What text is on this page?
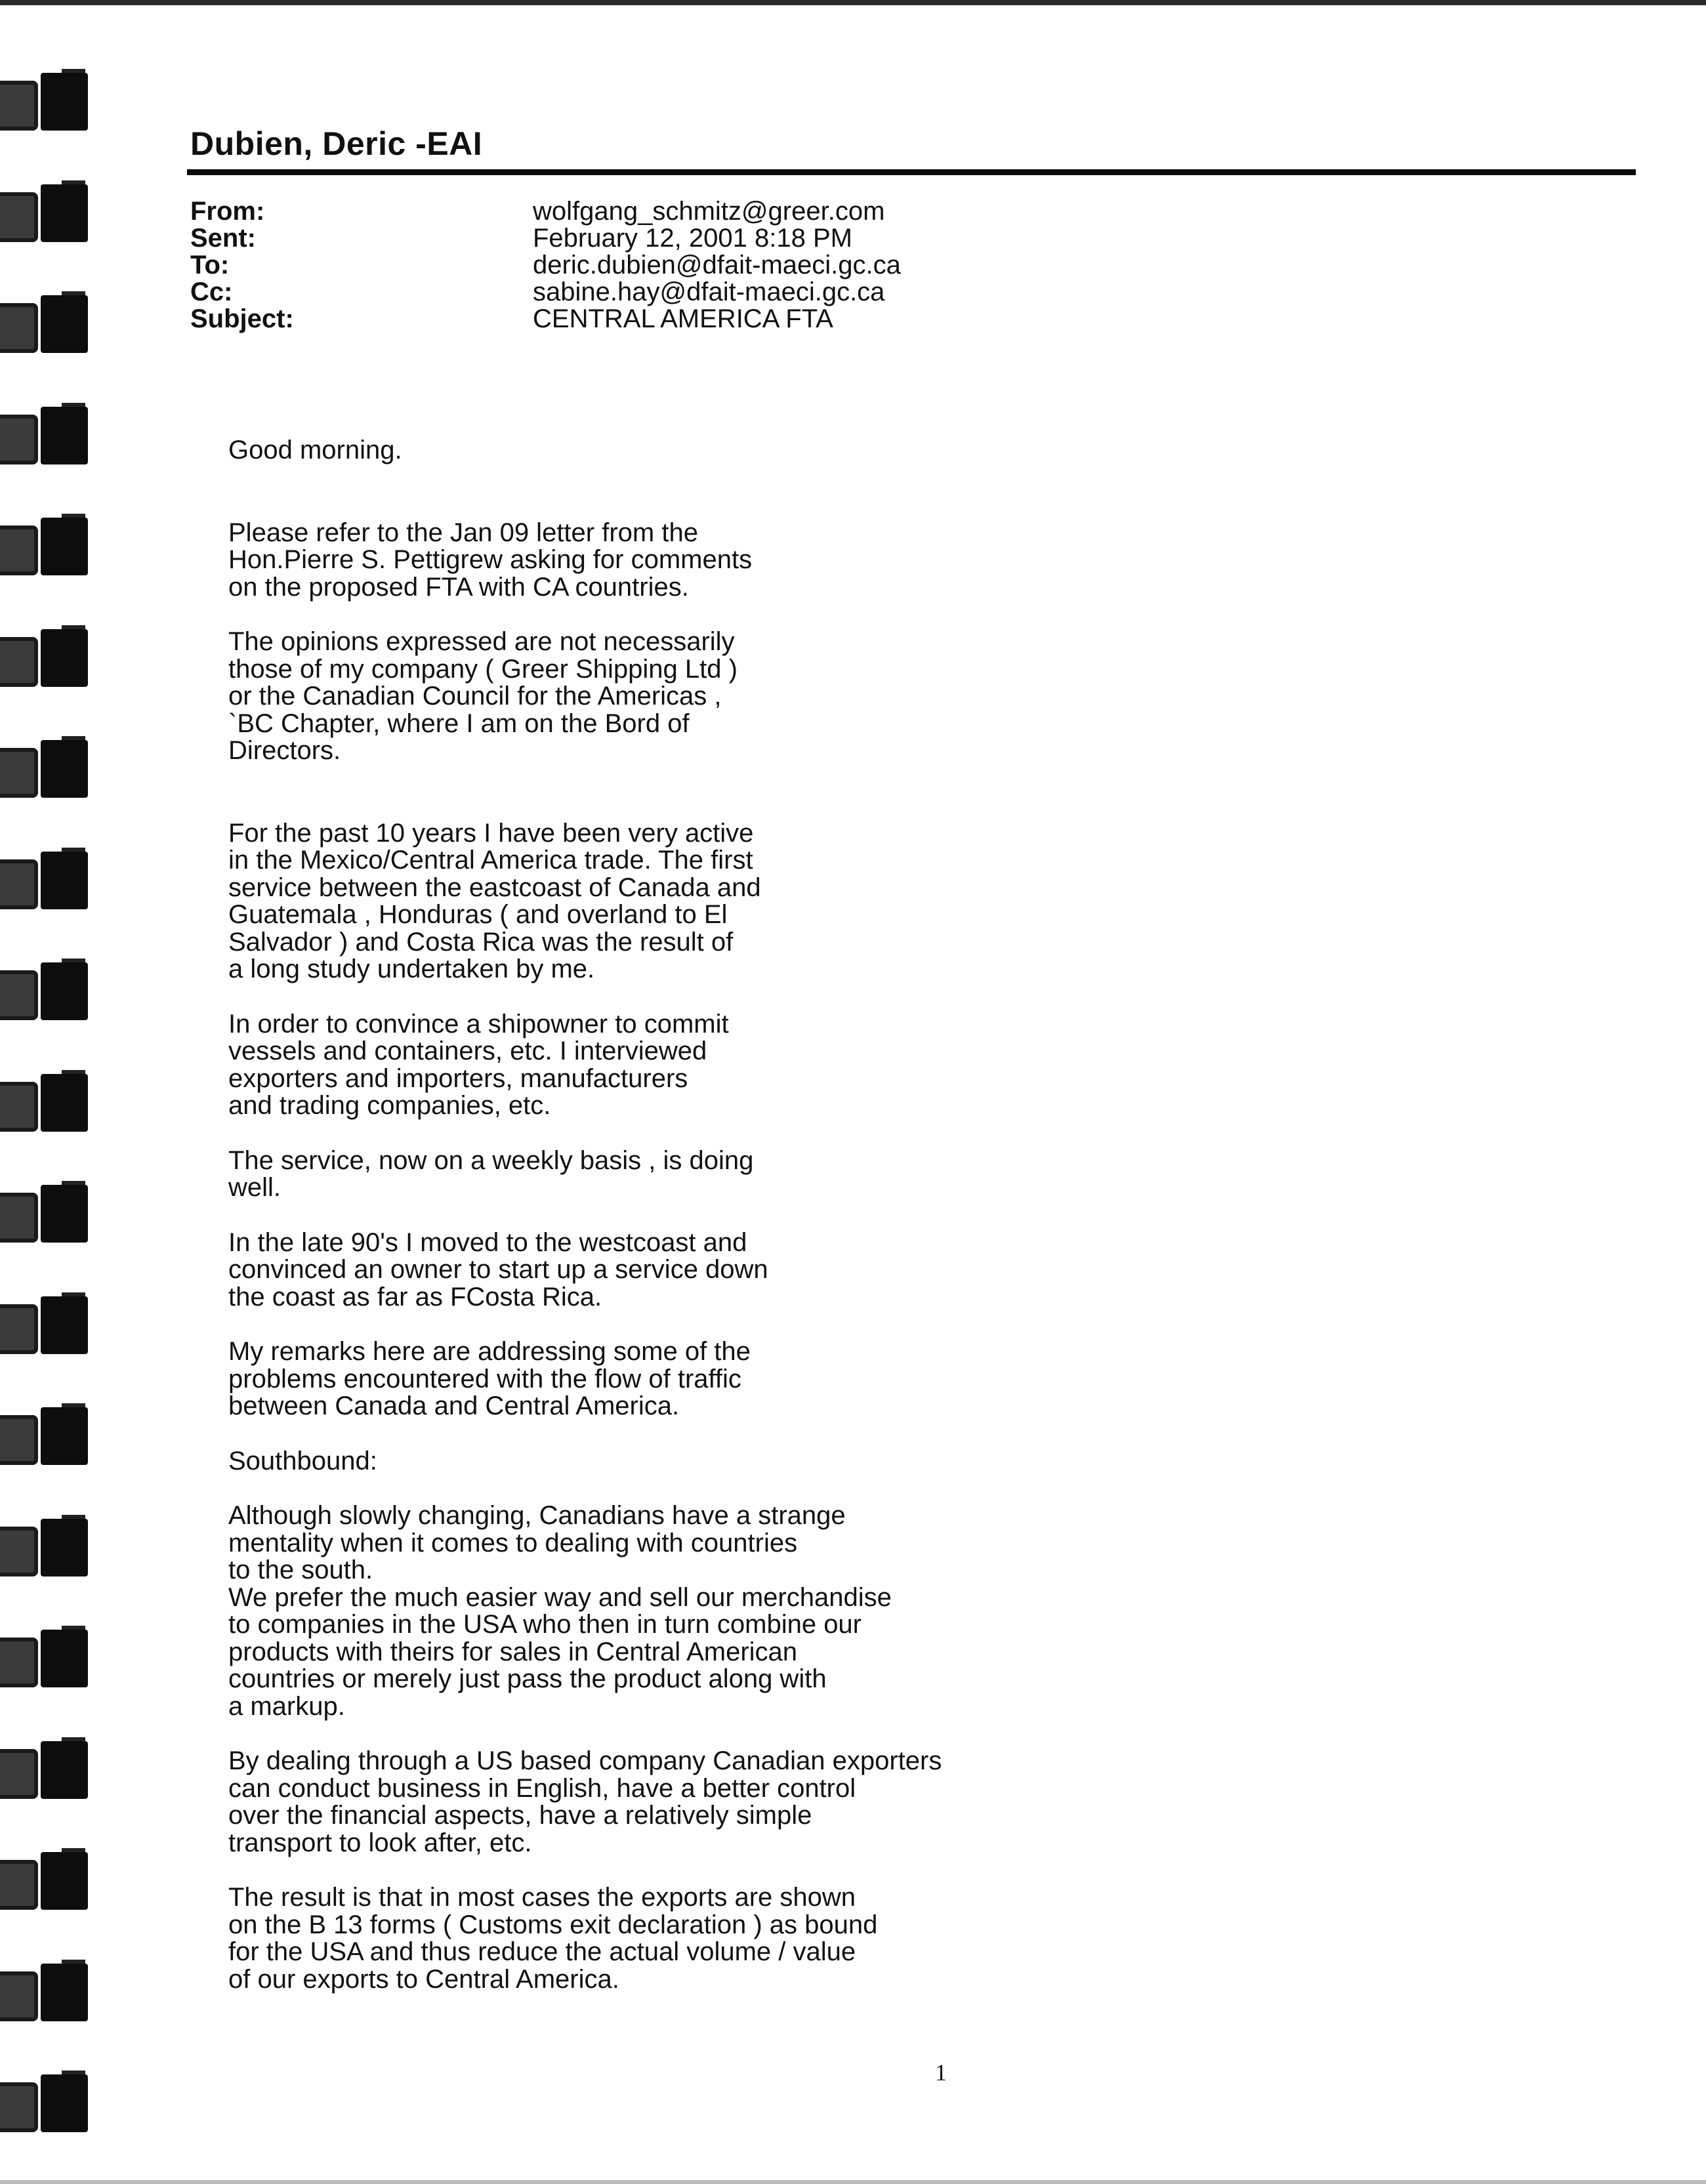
Dubien, Deric -EAI
From:	wolfgang_schmitz@greer.com
Sent:	February 12, 2001 8:18 PM
To:	deric.dubien@dfait-maeci.gc.ca
Cc:	sabine.hay@dfait-maeci.gc.ca
Subject:	CENTRAL AMERICA FTA

Good morning.

Please refer to the Jan 09 letter from the
Hon.Pierre S. Pettigrew asking for comments
on the proposed FTA with CA countries.

The opinions expressed are not necessarily
those of my company ( Greer Shipping Ltd )
or the Canadian Council for the Americas ,
`BC Chapter, where I am on the Bord of
Directors.

For the past 10 years I have been very active
in the Mexico/Central America trade. The first
service between the eastcoast of Canada and
Guatemala , Honduras ( and overland to El
Salvador ) and Costa Rica was the result of
a long study undertaken by me.

In order to convince a shipowner to commit
vessels and containers, etc. I interviewed
exporters and importers, manufacturers
and trading companies, etc.

The service, now on a weekly basis , is doing
well.

In the late 90's I moved to the westcoast and
convinced an owner to start up a service down
the coast as far as FCosta Rica.

My remarks here are addressing some of the
problems encountered with the flow of traffic
between Canada and Central America.

Southbound:

Although slowly changing, Canadians have a strange
mentality when it comes to dealing with countries
to the south.
We prefer the much easier way and sell our merchandise
to companies in the USA who then in turn combine our
products with theirs for sales in Central American
countries or merely just pass the product along with
a markup.

By dealing through a US based company Canadian exporters
can conduct business in English, have a better control
over the financial aspects, have a relatively simple
transport to look after, etc.

The result is that in most cases the exports are shown
on the B 13 forms ( Customs exit declaration ) as bound
for the USA and thus reduce the actual volume / value
of our exports to Central America.

1
